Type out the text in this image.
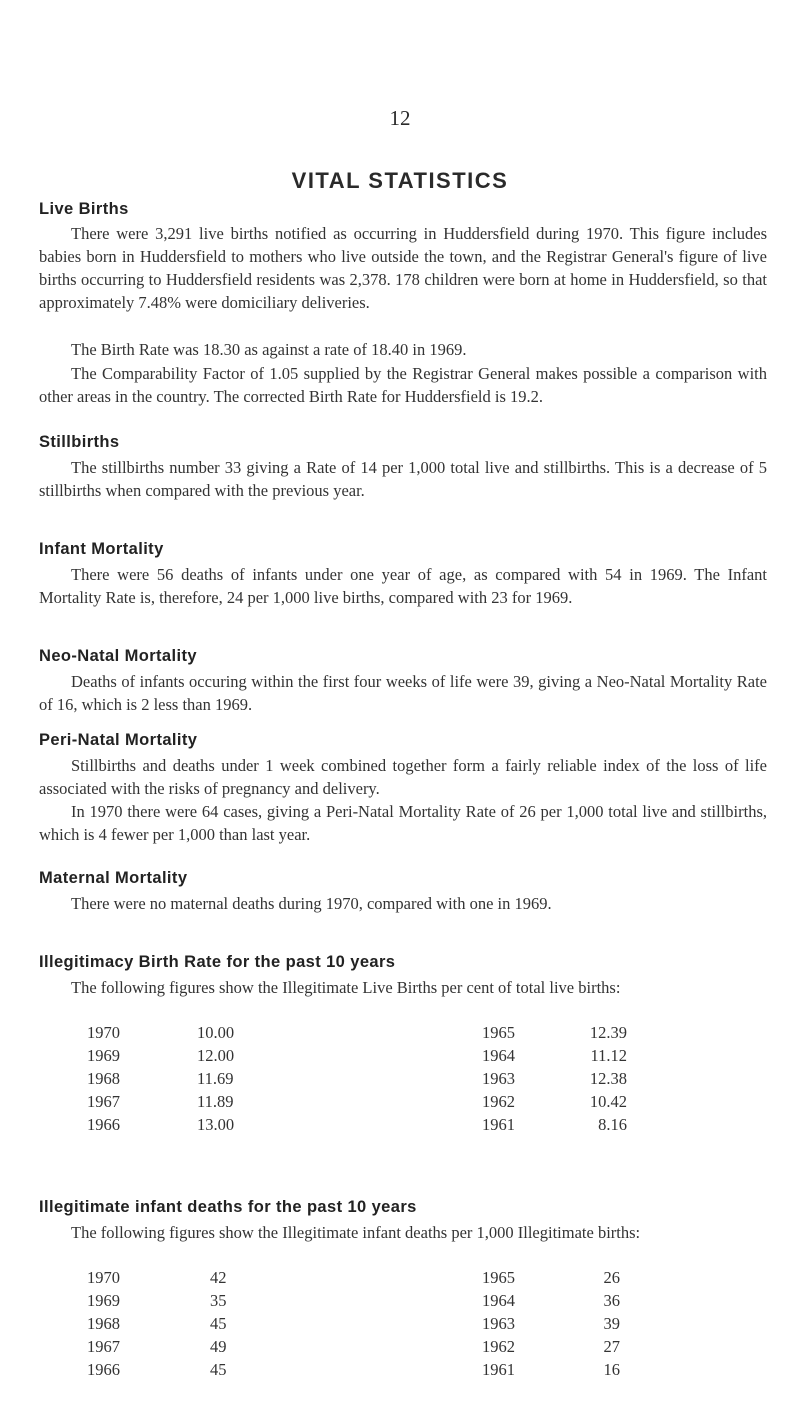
12
VITAL STATISTICS
Live Births
There were 3,291 live births notified as occurring in Huddersfield during 1970. This figure includes babies born in Huddersfield to mothers who live outside the town, and the Registrar General's figure of live births occurring to Huddersfield residents was 2,378. 178 children were born at home in Huddersfield, so that approximately 7.48% were domiciliary deliveries.
The Birth Rate was 18.30 as against a rate of 18.40 in 1969.
The Comparability Factor of 1.05 supplied by the Registrar General makes possible a comparison with other areas in the country. The corrected Birth Rate for Huddersfield is 19.2.
Stillbirths
The stillbirths number 33 giving a Rate of 14 per 1,000 total live and stillbirths. This is a decrease of 5 stillbirths when compared with the previous year.
Infant Mortality
There were 56 deaths of infants under one year of age, as compared with 54 in 1969. The Infant Mortality Rate is, therefore, 24 per 1,000 live births, compared with 23 for 1969.
Neo-Natal Mortality
Deaths of infants occuring within the first four weeks of life were 39, giving a Neo-Natal Mortality Rate of 16, which is 2 less than 1969.
Peri-Natal Mortality
Stillbirths and deaths under 1 week combined together form a fairly reliable index of the loss of life associated with the risks of pregnancy and delivery.
In 1970 there were 64 cases, giving a Peri-Natal Mortality Rate of 26 per 1,000 total live and stillbirths, which is 4 fewer per 1,000 than last year.
Maternal Mortality
There were no maternal deaths during 1970, compared with one in 1969.
Illegitimacy Birth Rate for the past 10 years
The following figures show the Illegitimate Live Births per cent of total live births:
1970	10.00	1965	12.39
1969	12.00	1964	11.12
1968	11.69	1963	12.38
1967	11.89	1962	10.42
1966	13.00	1961	8.16
Illegitimate infant deaths for the past 10 years
The following figures show the Illegitimate infant deaths per 1,000 Illegitimate births:
1970	42	1965	26
1969	35	1964	36
1968	45	1963	39
1967	49	1962	27
1966	45	1961	16
